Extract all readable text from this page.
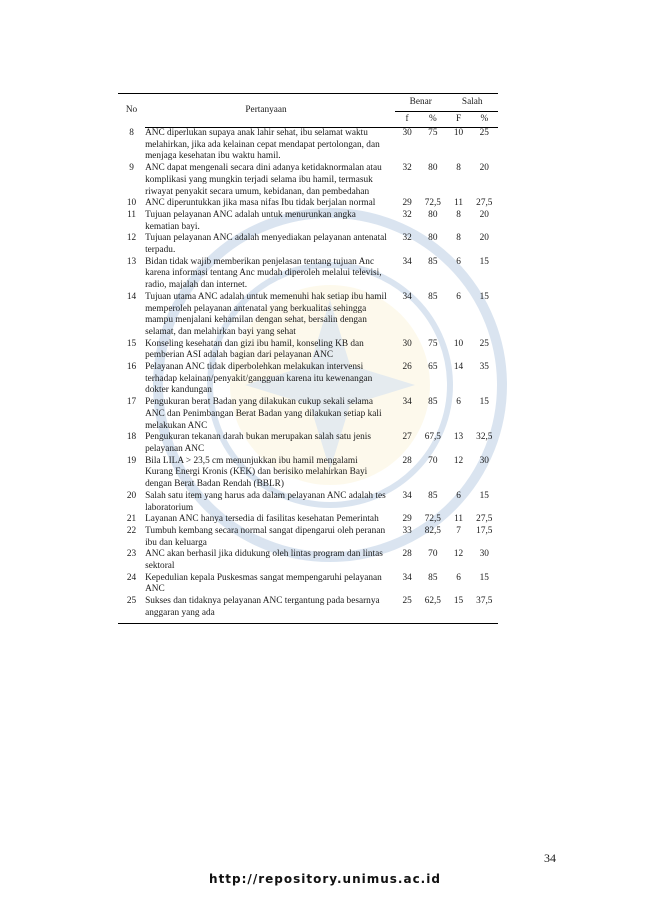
No	Pertanyaan	Benar		Salah	
		f	%	F	%
8	ANC diperlukan supaya anak lahir sehat, ibu selamat waktu melahirkan, jika ada kelainan cepat mendapat pertolongan, dan menjaga kesehatan ibu waktu hamil.	30	75	10	25
9	ANC dapat mengenali secara dini adanya ketidaknormalan atau komplikasi yang mungkin terjadi selama ibu hamil, termasuk riwayat penyakit secara umum, kebidanan, dan pembedahan	32	80	8	20
10	ANC diperuntukkan jika masa nifas Ibu tidak berjalan normal	29	72,5	11	27,5
11	Tujuan pelayanan ANC adalah untuk menurunkan angka kematian bayi.	32	80	8	20
12	Tujuan pelayanan ANC adalah menyediakan pelayanan antenatal terpadu.	32	80	8	20
13	Bidan tidak wajib memberikan penjelasan tentang tujuan Anc karena informasi tentang Anc mudah diperoleh melalui televisi, radio, majalah dan internet.	34	85	6	15
14	Tujuan utama ANC adalah untuk memenuhi hak setiap ibu hamil memperoleh pelayanan antenatal yang berkualitas sehingga mampu menjalani kehamilan dengan sehat, bersalin dengan selamat, dan melahirkan bayi yang sehat	34	85	6	15
15	Konseling kesehatan dan gizi ibu hamil, konseling KB dan pemberian ASI adalah bagian dari pelayanan ANC	30	75	10	25
16	Pelayanan ANC tidak diperbolehkan melakukan intervensi terhadap kelainan/penyakit/gangguan karena itu kewenangan dokter kandungan	26	65	14	35
17	Pengukuran berat Badan yang dilakukan cukup sekali selama ANC dan Penimbangan Berat Badan yang dilakukan setiap kali melakukan ANC	34	85	6	15
18	Pengukuran tekanan darah bukan merupakan salah satu jenis pelayanan ANC	27	67,5	13	32,5
19	Bila LILA > 23,5 cm menunjukkan ibu hamil mengalami Kurang Energi Kronis (KEK) dan berisiko melahirkan Bayi dengan Berat Badan Rendah (BBLR)	28	70	12	30
20	Salah satu item yang harus ada dalam pelayanan ANC adalah tes laboratorium	34	85	6	15
21	Layanan ANC hanya tersedia di fasilitas kesehatan Pemerintah	29	72,5	11	27,5
22	Tumbuh kembang secara normal sangat dipengarui oleh peranan ibu dan keluarga	33	82,5	7	17,5
23	ANC akan berhasil jika didukung oleh lintas program dan lintas sektoral	28	70	12	30
24	Kepedulian kepala Puskesmas sangat mempengaruhi pelayanan ANC	34	85	6	15
25	Sukses dan tidaknya pelayanan ANC tergantung pada besarnya anggaran yang ada	25	62,5	15	37,5
34
http://repository.unimus.ac.id
